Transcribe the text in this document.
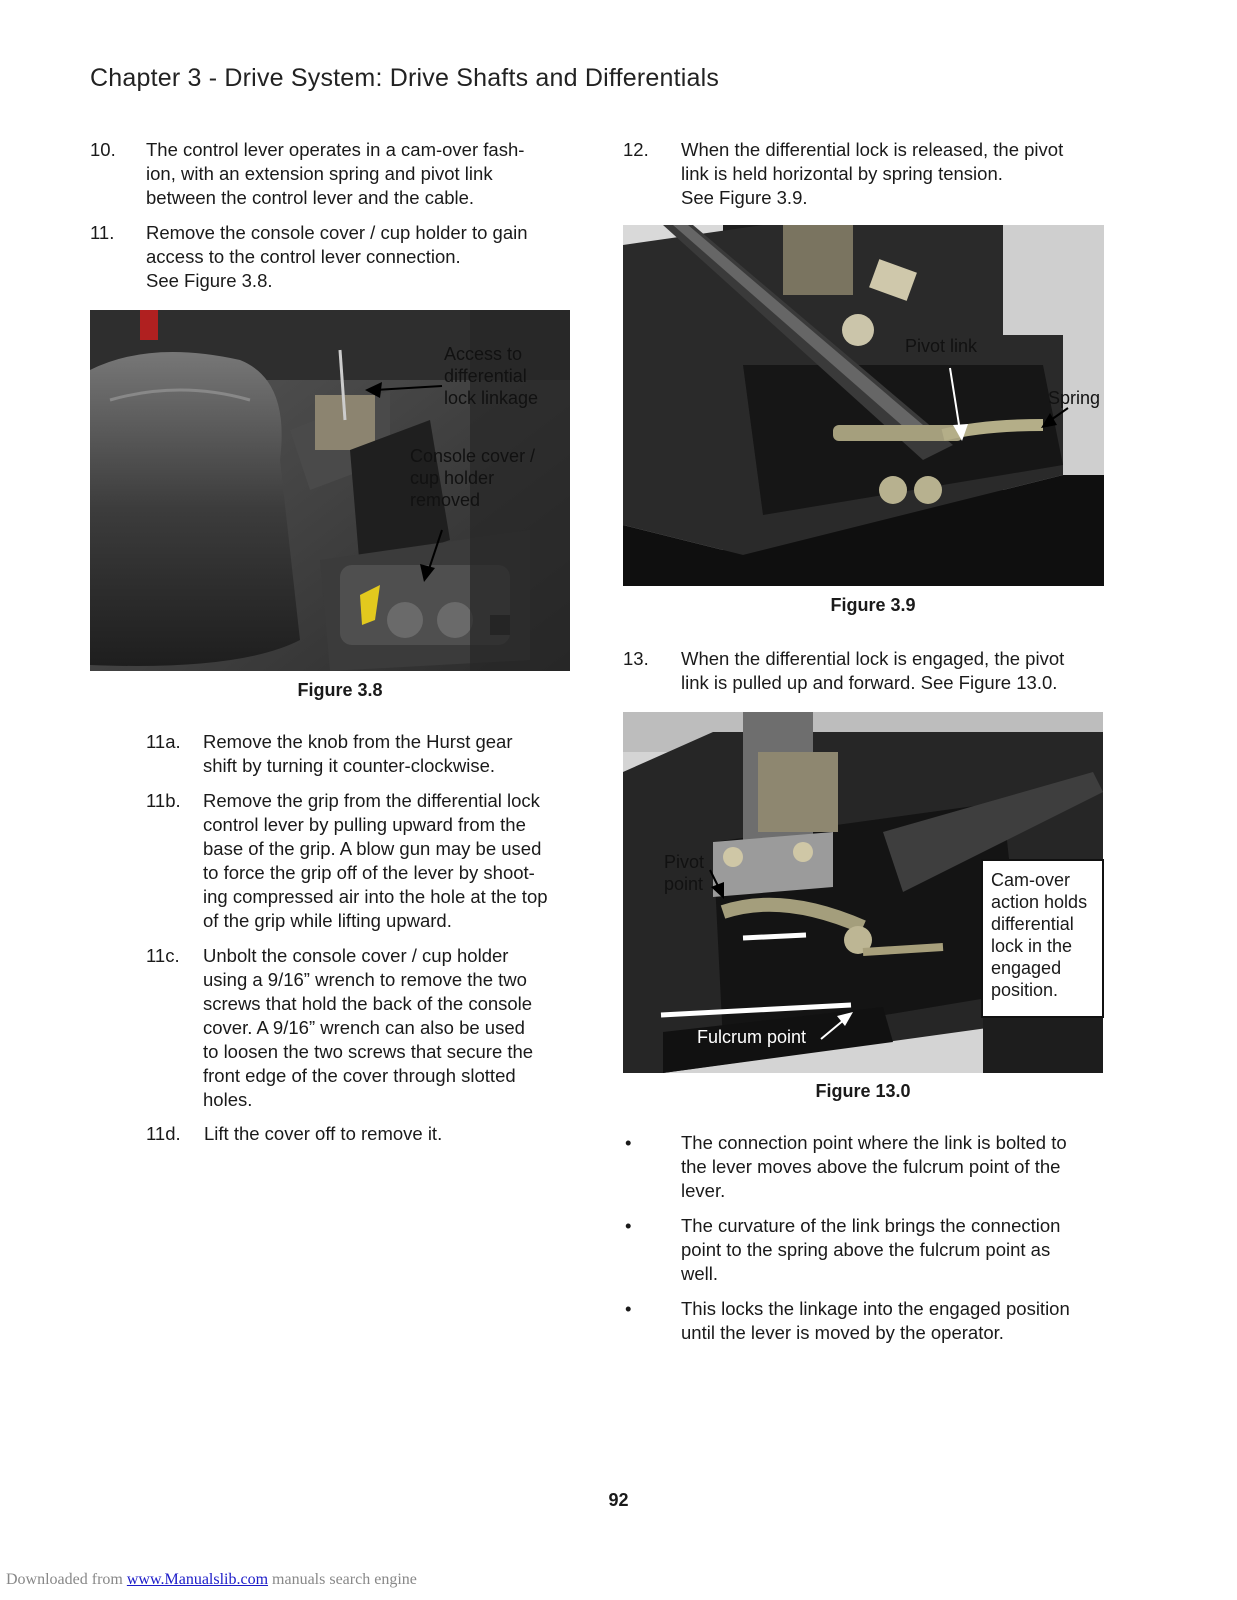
Chapter 3 - Drive System: Drive Shafts and Differentials
10. The control lever operates in a cam-over fash-
ion, with an extension spring and pivot link
between the control lever and the cable.
11. Remove the console cover / cup holder to gain
access to the control lever connection.
See Figure 3.8.
Access to
differential
lock linkage
Console cover /
cup holder
removed
Figure 3.8
11a. Remove the knob from the Hurst gear
shift by turning it counter-clockwise.
11b. Remove the grip from the differential lock
control lever by pulling upward from the
base of the grip. A blow gun may be used
to force the grip off of the lever by shoot-
ing compressed air into the hole at the top
of the grip while lifting upward.
11c. Unbolt the console cover / cup holder
using a 9/16” wrench to remove the two
screws that hold the back of the console
cover. A 9/16” wrench can also be used
to loosen the two screws that secure the
front edge of the cover through slotted
holes.
11d. Lift the cover off to remove it.
12. When the differential lock is released, the pivot
link is held horizontal by spring tension.
See Figure 3.9.
Pivot link
Spring
Figure 3.9
13. When the differential lock is engaged, the pivot
link is pulled up and forward. See Figure 13.0.
Pivot
point
Fulcrum point
Cam-over
action holds
differential
lock in the
engaged
position.
Figure 13.0
•	The connection point where the link is bolted to
the lever moves above the fulcrum point of the
lever.
•	The curvature of the link brings the connection
point to the spring above the fulcrum point as
well.
•	This locks the linkage into the engaged position
until the lever is moved by the operator.
92
Downloaded from www.Manualslib.com manuals search engine
